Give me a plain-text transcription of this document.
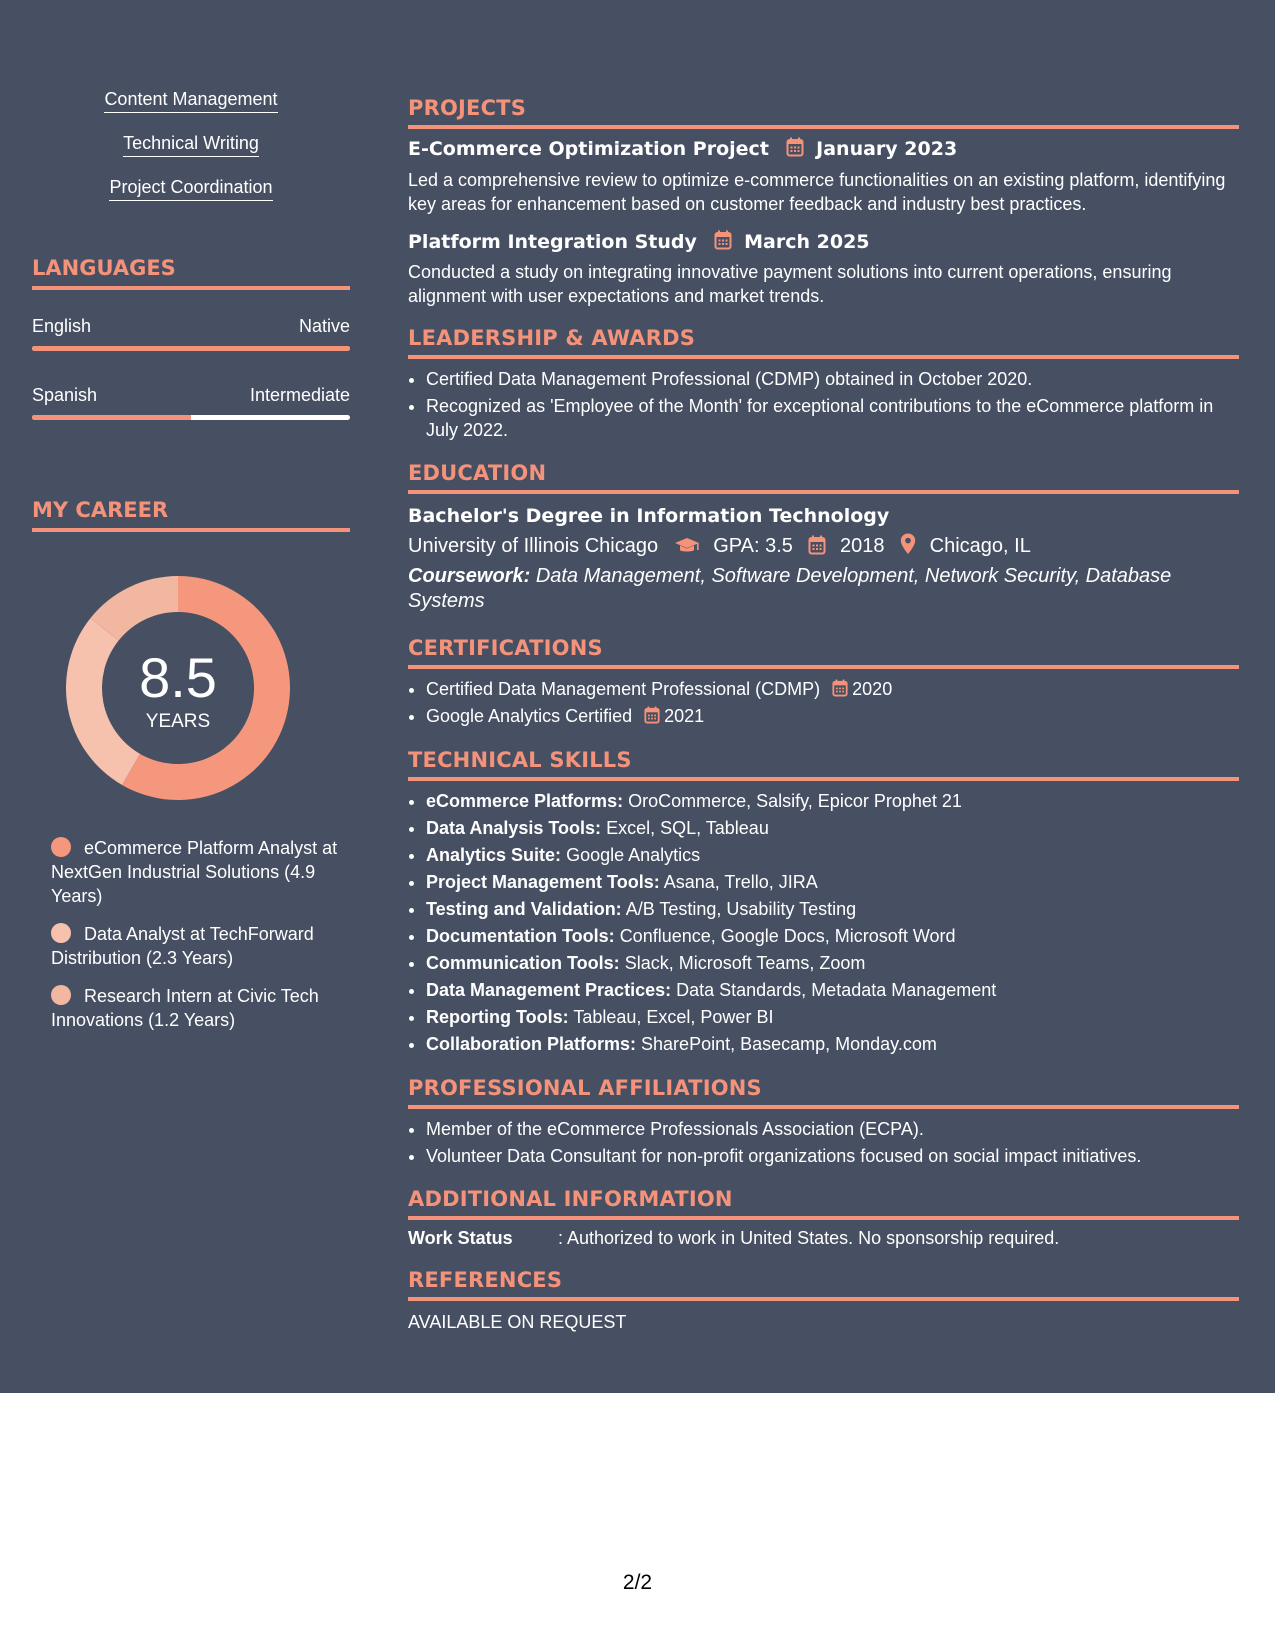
Content Management
Technical Writing
Project Coordination
LANGUAGES
English	Native
Spanish	Intermediate
MY CAREER
8.5
YEARS
eCommerce Platform Analyst at NextGen Industrial Solutions (4.9 Years)
Data Analyst at TechForward Distribution (2.3 Years)
Research Intern at Civic Tech Innovations (1.2 Years)
PROJECTS
E-Commerce Optimization Project January 2023
Led a comprehensive review to optimize e-commerce functionalities on an existing platform, identifying key areas for enhancement based on customer feedback and industry best practices.
Platform Integration Study March 2025
Conducted a study on integrating innovative payment solutions into current operations, ensuring alignment with user expectations and market trends.
LEADERSHIP & AWARDS
• Certified Data Management Professional (CDMP) obtained in October 2020.
• Recognized as 'Employee of the Month' for exceptional contributions to the eCommerce platform in July 2022.
EDUCATION
Bachelor's Degree in Information Technology
University of Illinois Chicago	GPA: 3.5 2018 Chicago, IL
Coursework: Data Management, Software Development, Network Security, Database Systems
CERTIFICATIONS
• Certified Data Management Professional (CDMP) 2020
• Google Analytics Certified 2021
TECHNICAL SKILLS
• eCommerce Platforms: OroCommerce, Salsify, Epicor Prophet 21
• Data Analysis Tools: Excel, SQL, Tableau
• Analytics Suite: Google Analytics
• Project Management Tools: Asana, Trello, JIRA
• Testing and Validation: A/B Testing, Usability Testing
• Documentation Tools: Confluence, Google Docs, Microsoft Word
• Communication Tools: Slack, Microsoft Teams, Zoom
• Data Management Practices: Data Standards, Metadata Management
• Reporting Tools: Tableau, Excel, Power BI
• Collaboration Platforms: SharePoint, Basecamp, Monday.com
PROFESSIONAL AFFILIATIONS
• Member of the eCommerce Professionals Association (ECPA).
• Volunteer Data Consultant for non-profit organizations focused on social impact initiatives.
ADDITIONAL INFORMATION
Work Status	: Authorized to work in United States. No sponsorship required.
REFERENCES
AVAILABLE ON REQUEST
2/2
